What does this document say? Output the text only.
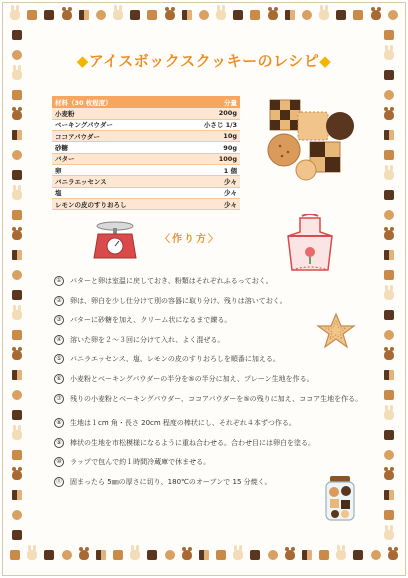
◆アイスボックスクッキーのレシピ◆
材料（30 枚程度）	分量
小麦粉	200g
ベーキングパウダー	小さじ 1/3
ココアパウダー	10g
砂糖	90g
バター	100g
卵	1 個
バニラエッセンス	少々
塩	少々
レモンの皮のすりおろし	少々
〈作り方〉
①	バターと卵は室温に戻しておき、粉類はそれぞれふるっておく。
②	卵は、卵白を少し仕分けて別の容器に取り分け、残りは溶いておく。
③	バターに砂糖を加え、クリーム状になるまで練る。
④	溶いた卵を２～３回に分けて入れ、よく混ぜる。
⑤	バニラエッセンス、塩、レモンの皮のすりおろしを順番に加える。
⑥	小麦粉とベーキングパウダーの半分を⑤の半分に加え、プレーン生地を作る。
⑦	残りの小麦粉とベーキングパウダー、ココアパウダーを⑤の残りに加え、ココア生地を作る。
⑧	生地は１cm 角・長さ 20cm 程度の棒状にし、それぞれ４本ずつ作る。
⑨	棒状の生地を市松模様になるように重ね合わせる。合わせ目には卵白を塗る。
⑩	ラップで包んで約１時間冷蔵庫で休ませる。
⑪ 固まったら 5㎜の厚さに切り、180℃のオーブンで 15 分焼く。
